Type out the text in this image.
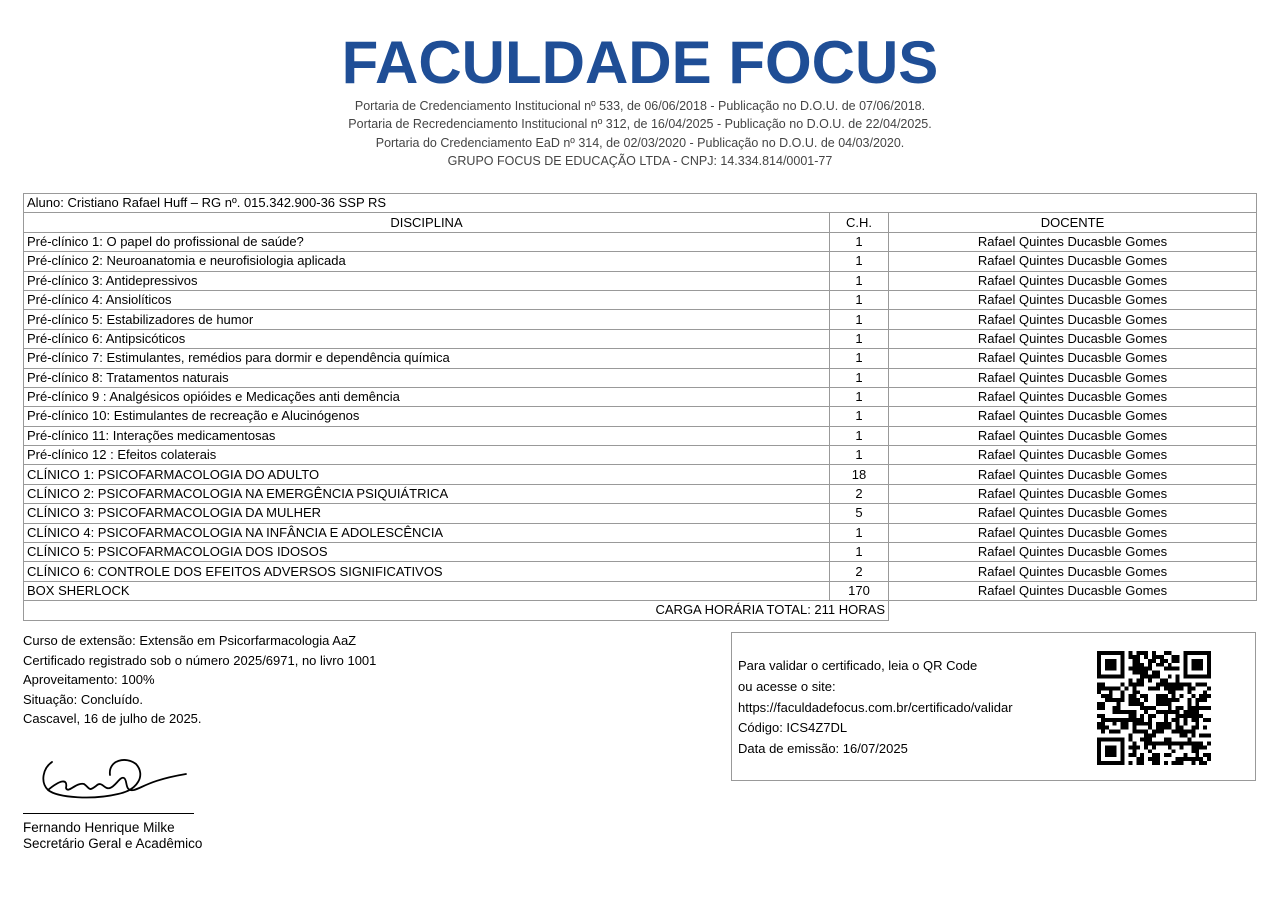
FACULDADE FOCUS
Portaria de Credenciamento Institucional nº 533, de 06/06/2018 - Publicação no D.O.U. de 07/06/2018.
Portaria de Recredenciamento Institucional nº 312, de 16/04/2025 - Publicação no D.O.U. de 22/04/2025.
Portaria do Credenciamento EaD nº 314, de 02/03/2020 - Publicação no D.O.U. de 04/03/2020.
GRUPO FOCUS DE EDUCAÇÃO LTDA - CNPJ: 14.334.814/0001-77
Aluno: Cristiano Rafael Huff – RG nº. 015.342.900-36 SSP RS		
DISCIPLINA	C.H.	DOCENTE
Pré-clínico 1: O papel do profissional de saúde?	1	Rafael Quintes Ducasble Gomes
Pré-clínico 2: Neuroanatomia e neurofisiologia aplicada	1	Rafael Quintes Ducasble Gomes
Pré-clínico 3: Antidepressivos	1	Rafael Quintes Ducasble Gomes
Pré-clínico 4: Ansiolíticos	1	Rafael Quintes Ducasble Gomes
Pré-clínico 5: Estabilizadores de humor	1	Rafael Quintes Ducasble Gomes
Pré-clínico 6: Antipsicóticos	1	Rafael Quintes Ducasble Gomes
Pré-clínico 7: Estimulantes, remédios para dormir e dependência química	1	Rafael Quintes Ducasble Gomes
Pré-clínico 8: Tratamentos naturais	1	Rafael Quintes Ducasble Gomes
Pré-clínico 9 : Analgésicos opióides e Medicações anti demência	1	Rafael Quintes Ducasble Gomes
Pré-clínico 10: Estimulantes de recreação e Alucinógenos	1	Rafael Quintes Ducasble Gomes
Pré-clínico 11: Interações medicamentosas	1	Rafael Quintes Ducasble Gomes
Pré-clínico 12 : Efeitos colaterais	1	Rafael Quintes Ducasble Gomes
CLÍNICO 1: PSICOFARMACOLOGIA DO ADULTO	18	Rafael Quintes Ducasble Gomes
CLÍNICO 2: PSICOFARMACOLOGIA NA EMERGÊNCIA PSIQUIÁTRICA	2	Rafael Quintes Ducasble Gomes
CLÍNICO 3: PSICOFARMACOLOGIA DA MULHER	5	Rafael Quintes Ducasble Gomes
CLÍNICO 4: PSICOFARMACOLOGIA NA INFÂNCIA E ADOLESCÊNCIA	1	Rafael Quintes Ducasble Gomes
CLÍNICO 5: PSICOFARMACOLOGIA DOS IDOSOS	1	Rafael Quintes Ducasble Gomes
CLÍNICO 6: CONTROLE DOS EFEITOS ADVERSOS SIGNIFICATIVOS	2	Rafael Quintes Ducasble Gomes
BOX SHERLOCK	170	Rafael Quintes Ducasble Gomes
CARGA HORÁRIA TOTAL: 211 HORAS		
Curso de extensão: Extensão em Psicorfarmacologia AaZ
Certificado registrado sob o número 2025/6971, no livro 1001
Aproveitamento: 100%
Situação: Concluído.
Cascavel, 16 de julho de 2025.
Fernando Henrique Milke
Secretário Geral e Acadêmico
Para validar o certificado, leia o QR Code
ou acesse o site:
https://faculdadefocus.com.br/certificado/validar
Código: ICS4Z7DL
Data de emissão: 16/07/2025
